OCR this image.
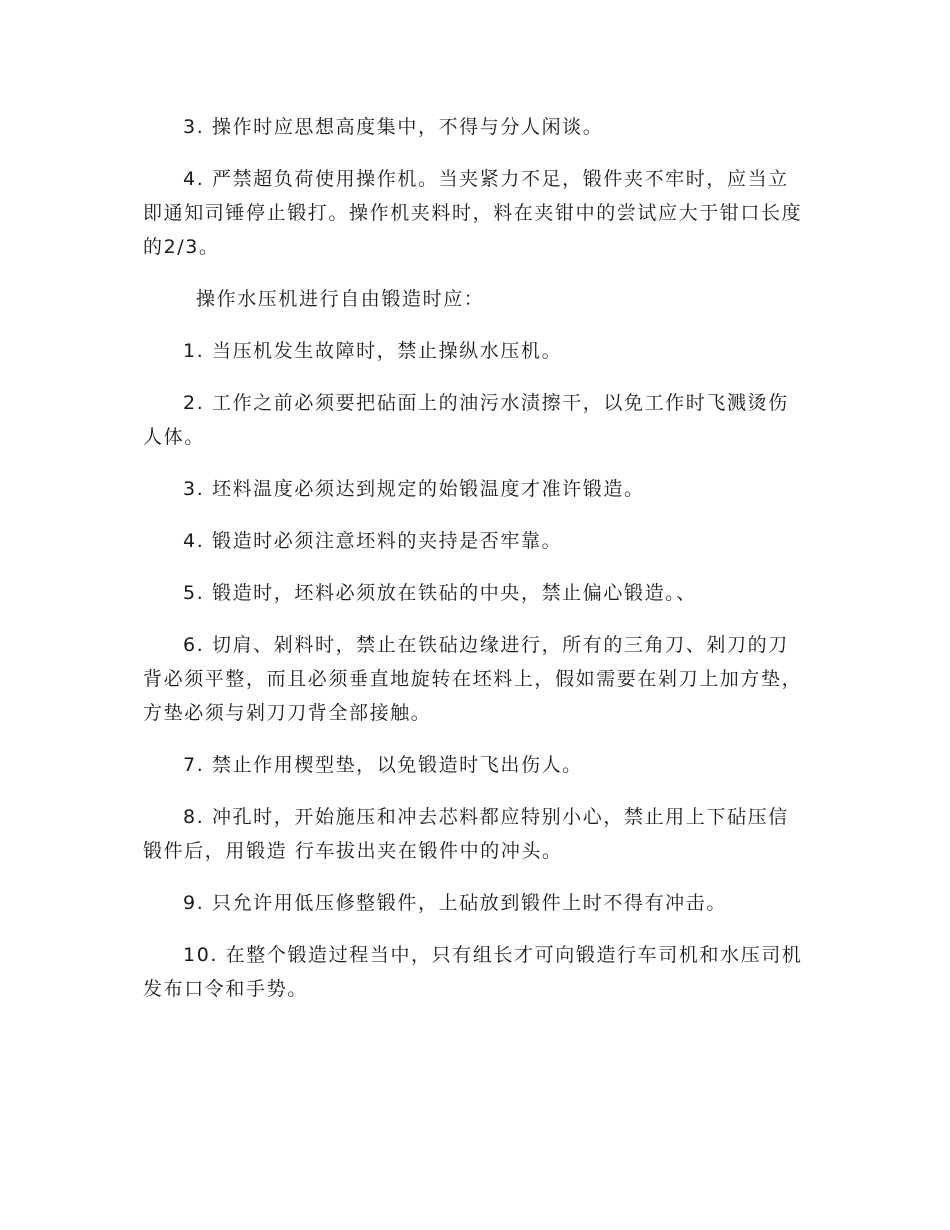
3. 操作时应思想高度集中，不得与分人闲谈。

4. 严禁超负荷使用操作机。当夹紧力不足，锻件夹不牢时，应当立即通知司锤停止锻打。操作机夹料时，料在夹钳中的尝试应大于钳口长度的2/3。

操作水压机进行自由锻造时应：

1. 当压机发生故障时，禁止操纵水压机。

2. 工作之前必须要把砧面上的油污水渍擦干，以免工作时飞溅烫伤人体。

3. 坯料温度必须达到规定的始锻温度才准许锻造。

4. 锻造时必须注意坯料的夹持是否牢靠。

5. 锻造时，坯料必须放在铁砧的中央，禁止偏心锻造。、

6. 切肩、剁料时，禁止在铁砧边缘进行，所有的三角刀、剁刀的刀背必须平整，而且必须垂直地旋转在坯料上，假如需要在剁刀上加方垫，方垫必须与剁刀刀背全部接触。

7. 禁止作用楔型垫，以免锻造时飞出伤人。

8. 冲孔时，开始施压和冲去芯料都应特别小心，禁止用上下砧压信锻件后，用锻造 行车拔出夹在锻件中的冲头。

9. 只允许用低压修整锻件，上砧放到锻件上时不得有冲击。

10. 在整个锻造过程当中，只有组长才可向锻造行车司机和水压司机发布口令和手势。
